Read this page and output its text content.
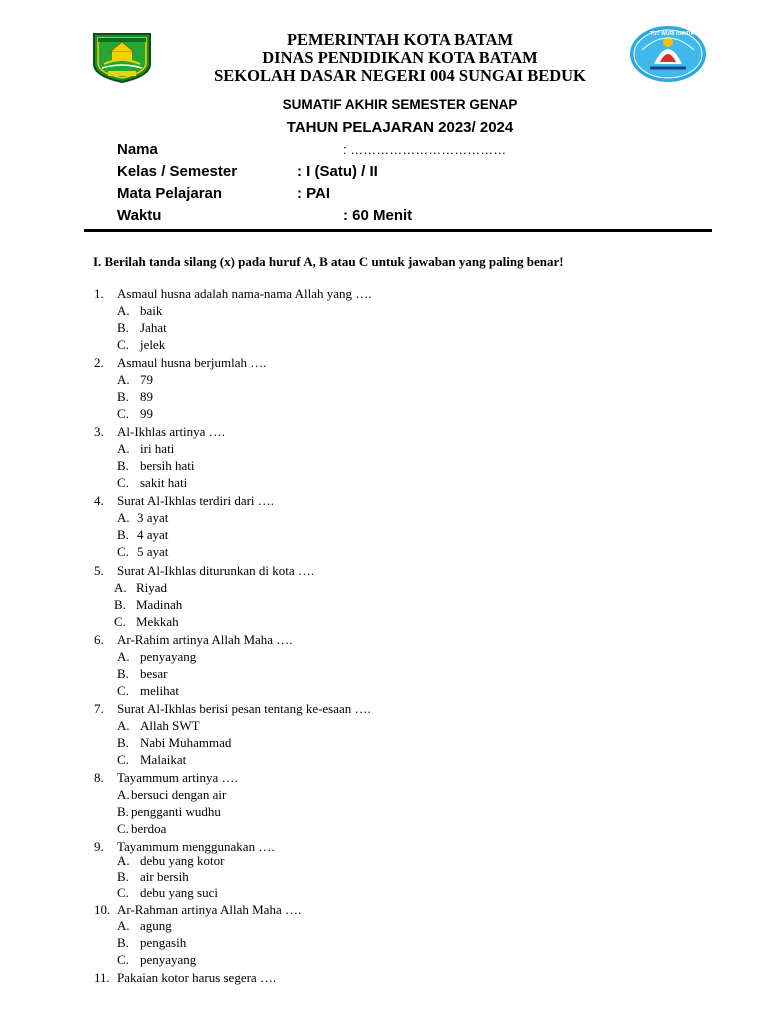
TUT WURI HANDAYANI
PEMERINTAH KOTA BATAM
DINAS PENDIDIKAN KOTA BATAM
SEKOLAH DASAR NEGERI 004 SUNGAI BEDUK
SUMATIF AKHIR SEMESTER GENAP
TAHUN PELAJARAN 2023/ 2024
Nama	: ………………………………
Kelas / Semester	: I (Satu) / II
Mata Pelajaran	: PAI
Waktu	: 60 Menit
I. Berilah tanda silang (x) pada huruf A, B atau C untuk jawaban yang paling benar!
1.	Asmaul husna adalah nama-nama Allah yang ….
A. baik
B. Jahat
C. jelek
2.	Asmaul husna berjumlah ….
A. 79
B. 89
C. 99
3.	Al-Ikhlas artinya ….
A. iri hati
B. bersih hati
C. sakit hati
4.	Surat Al-Ikhlas terdiri dari ….
A. 3 ayat
B. 4 ayat
C. 5 ayat
5.	Surat Al-Ikhlas diturunkan di kota ….
A. Riyad
B. Madinah
C. Mekkah
6.	Ar-Rahim artinya Allah Maha ….
A. penyayang
B. besar
C. melihat
7.	Surat Al-Ikhlas berisi pesan tentang ke-esaan ….
A. Allah SWT
B. Nabi Muhammad
C. Malaikat
8.	Tayammum artinya ….
A. bersuci dengan air
B. pengganti wudhu
C. berdoa
9.	Tayammum menggunakan ….
A. debu yang kotor
B. air bersih
C. debu yang suci
10. Ar-Rahman artinya Allah Maha ….
A. agung
B. pengasih
C. penyayang
11. Pakaian kotor harus segera ….
